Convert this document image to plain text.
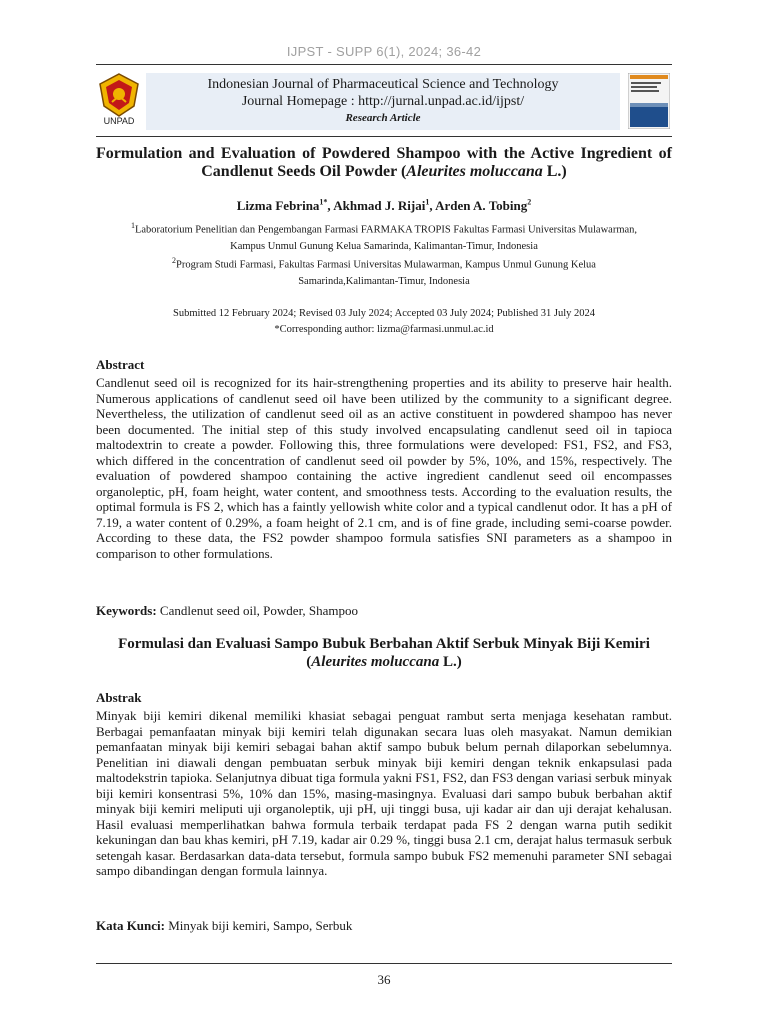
IJPST - SUPP 6(1), 2024; 36-42
UNPAD
Indonesian Journal of Pharmaceutical Science and Technology
Journal Homepage : http://jurnal.unpad.ac.id/ijpst/
Research Article
Formulation and Evaluation of Powdered Shampoo with the Active Ingredient of Candlenut Seeds Oil Powder (Aleurites moluccana L.)
Lizma Febrina$^{1*}$, Akhmad J. Rijai$^1$, Arden A. Tobing$^2$
$^1$Laboratorium Penelitian dan Pengembangan Farmasi FARMAKA TROPIS Fakultas Farmasi Universitas Mulawarman,
Kampus Unmul Gunung Kelua Samarinda, Kalimantan-Timur, Indonesia
$^2$Program Studi Farmasi, Fakultas Farmasi Universitas Mulawarman, Kampus Unmul Gunung Kelua
Samarinda,Kalimantan-Timur, Indonesia
Submitted 12 February 2024; Revised 03 July 2024; Accepted 03 July 2024; Published 31 July 2024
*Corresponding author: lizma@farmasi.unmul.ac.id
Abstract
Candlenut seed oil is recognized for its hair-strengthening properties and its ability to preserve hair health. Numerous applications of candlenut seed oil have been utilized by the community to a significant degree. Nevertheless, the utilization of candlenut seed oil as an active constituent in powdered shampoo has never been documented. The initial step of this study involved encapsulating candlenut seed oil in tapioca maltodextrin to create a powder. Following this, three formulations were developed: FS1, FS2, and FS3, which differed in the concentration of candlenut seed oil powder by 5%, 10%, and 15%, respectively. The evaluation of powdered shampoo containing the active ingredient candlenut seed oil encompasses organoleptic, pH, foam height, water content, and smoothness tests. According to the evaluation results, the optimal formula is FS 2, which has a faintly yellowish white color and a typical candlenut odor. It has a pH of 7.19, a water content of 0.29%, a foam height of 2.1 cm, and is of fine grade, including semi-coarse powder. According to these data, the FS2 powder shampoo formula satisfies SNI parameters as a shampoo in comparison to other formulations.
Keywords: Candlenut seed oil, Powder, Shampoo
Formulasi dan Evaluasi Sampo Bubuk Berbahan Aktif Serbuk Minyak Biji Kemiri (Aleurites moluccana L.)
Abstrak
Minyak biji kemiri dikenal memiliki khasiat sebagai penguat rambut serta menjaga kesehatan rambut. Berbagai pemanfaatan minyak biji kemiri telah digunakan secara luas oleh masyakat. Namun demikian pemanfaatan minyak biji kemiri sebagai bahan aktif sampo bubuk belum pernah dilaporkan sebelumnya. Penelitian ini diawali dengan pembuatan serbuk minyak biji kemiri dengan teknik enkapsulasi pada maltodekstrin tapioka. Selanjutnya dibuat tiga formula yakni FS1, FS2, dan FS3 dengan variasi serbuk minyak biji kemiri konsentrasi 5%, 10% dan 15%, masing-masingnya. Evaluasi dari sampo bubuk berbahan aktif minyak biji kemiri meliputi uji organoleptik, uji pH, uji tinggi busa, uji kadar air dan uji derajat kehalusan. Hasil evaluasi memperlihatkan bahwa formula terbaik terdapat pada FS 2 dengan warna putih sedikit kekuningan dan bau khas kemiri, pH 7.19, kadar air 0.29 %, tinggi busa 2.1 cm, derajat halus termasuk serbuk setengah kasar. Berdasarkan data-data tersebut, formula sampo bubuk FS2 memenuhi parameter SNI sebagai sampo dibandingan dengan formula lainnya.
Kata Kunci: Minyak biji kemiri, Sampo, Serbuk
36
